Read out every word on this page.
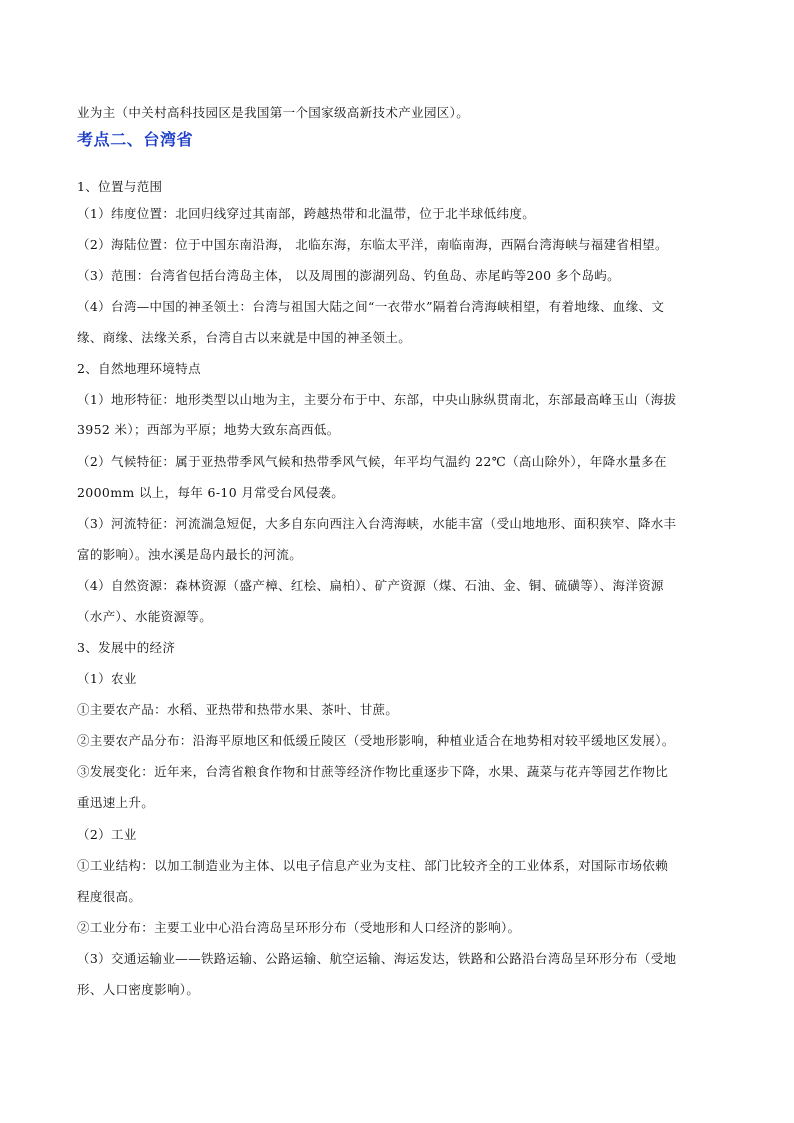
业为主（中关村高科技园区是我国第一个国家级高新技术产业园区）。
考点二、台湾省
1、位置与范围
（1）纬度位置：北回归线穿过其南部，跨越热带和北温带，位于北半球低纬度。
（2）海陆位置：位于中国东南沿海， 北临东海，东临太平洋，南临南海，西隔台湾海峡与福建省相望。
（3）范围：台湾省包括台湾岛主体， 以及周围的澎湖列岛、钓鱼岛、赤尾屿等200 多个岛屿。
（4）台湾—中国的神圣领土：台湾与祖国大陆之间“一衣带水”隔着台湾海峡相望，有着地缘、血缘、文
缘、商缘、法缘关系，台湾自古以来就是中国的神圣领土。
2、自然地理环境特点
（1）地形特征：地形类型以山地为主，主要分布于中、东部，中央山脉纵贯南北，东部最高峰玉山（海拔
3952 米）；西部为平原；地势大致东高西低。
（2）气候特征：属于亚热带季风气候和热带季风气候，年平均气温约 22℃（高山除外），年降水量多在
2000mm 以上，每年 6-10 月常受台风侵袭。
（3）河流特征：河流湍急短促，大多自东向西注入台湾海峡，水能丰富（受山地地形、面积狭窄、降水丰
富的影响）。浊水溪是岛内最长的河流。
（4）自然资源：森林资源（盛产樟、红桧、扁柏）、矿产资源（煤、石油、金、铜、硫磺等）、海洋资源
（水产）、水能资源等。
3、发展中的经济
（1）农业
①主要农产品：水稻、亚热带和热带水果、茶叶、甘蔗。
②主要农产品分布：沿海平原地区和低缓丘陵区（受地形影响，种植业适合在地势相对较平缓地区发展）。
③发展变化：近年来，台湾省粮食作物和甘蔗等经济作物比重逐步下降，水果、蔬菜与花卉等园艺作物比
重迅速上升。
（2）工业
①工业结构：以加工制造业为主体、以电子信息产业为支柱、部门比较齐全的工业体系，对国际市场依赖
程度很高。
②工业分布：主要工业中心沿台湾岛呈环形分布（受地形和人口经济的影响）。
（3）交通运输业——铁路运输、公路运输、航空运输、海运发达，铁路和公路沿台湾岛呈环形分布（受地
形、人口密度影响）。
